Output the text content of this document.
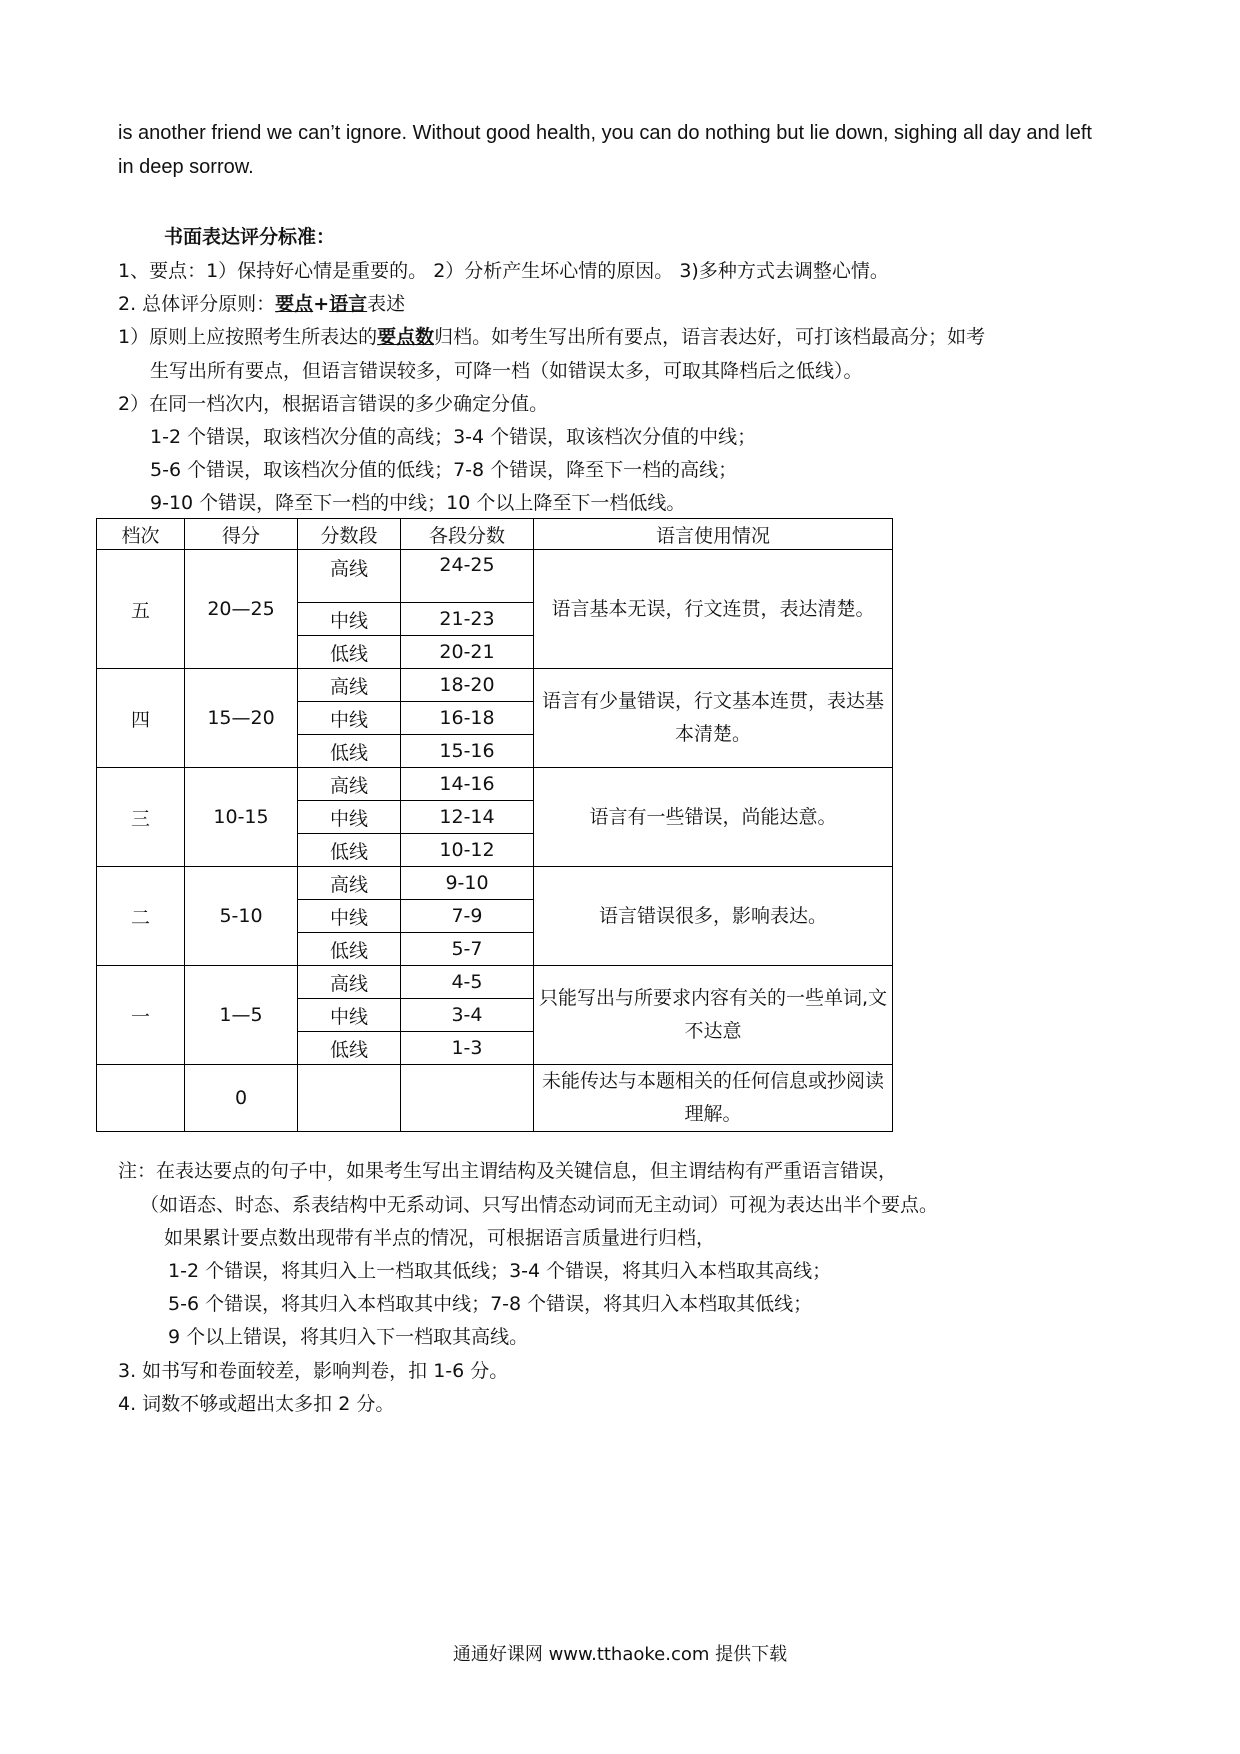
is another friend we can’t ignore. Without good health, you can do nothing but lie down, sighing all day and left
in deep sorrow.
书面表达评分标准：
1、要点：1）保持好心情是重要的。 2）分析产生坏心情的原因。 3)多种方式去调整心情。
2. 总体评分原则：要点+语言表述
1）原则上应按照考生所表达的要点数归档。如考生写出所有要点，语言表达好，可打该档最高分；如考
生写出所有要点，但语言错误较多，可降一档（如错误太多，可取其降档后之低线）。
2）在同一档次内，根据语言错误的多少确定分值。
1-2 个错误，取该档次分值的高线；3-4 个错误，取该档次分值的中线；
5-6 个错误，取该档次分值的低线；7-8 个错误，降至下一档的高线；
9-10 个错误，降至下一档的中线；10 个以上降至下一档低线。
档次	得分	分数段	各段分数	语言使用情况
五	20—25	高线	24-25	语言基本无误，行文连贯，表达清楚。
		中线	21-23	
		低线	20-21	
四	15—20	高线	18-20	语言有少量错误，行文基本连贯，表达基本清楚。
		中线	16-18	
		低线	15-16	
三	10-15	高线	14-16	语言有一些错误，尚能达意。
		中线	12-14	
		低线	10-12	
二	5-10	高线	9-10	语言错误很多，影响表达。
		中线	7-9	
		低线	5-7	
一	1—5	高线	4-5	只能写出与所要求内容有关的一些单词,文不达意
		中线	3-4	
		低线	1-3	
	0			未能传达与本题相关的任何信息或抄阅读理解。
注：在表达要点的句子中，如果考生写出主谓结构及关键信息，但主谓结构有严重语言错误，
（如语态、时态、系表结构中无系动词、只写出情态动词而无主动词）可视为表达出半个要点。
如果累计要点数出现带有半点的情况，可根据语言质量进行归档，
1-2 个错误，将其归入上一档取其低线；3-4 个错误，将其归入本档取其高线；
5-6 个错误，将其归入本档取其中线；7-8 个错误，将其归入本档取其低线；
9 个以上错误，将其归入下一档取其高线。
3. 如书写和卷面较差，影响判卷，扣 1-6 分。
4. 词数不够或超出太多扣 2 分。
通通好课网 www.tthaoke.com 提供下载
